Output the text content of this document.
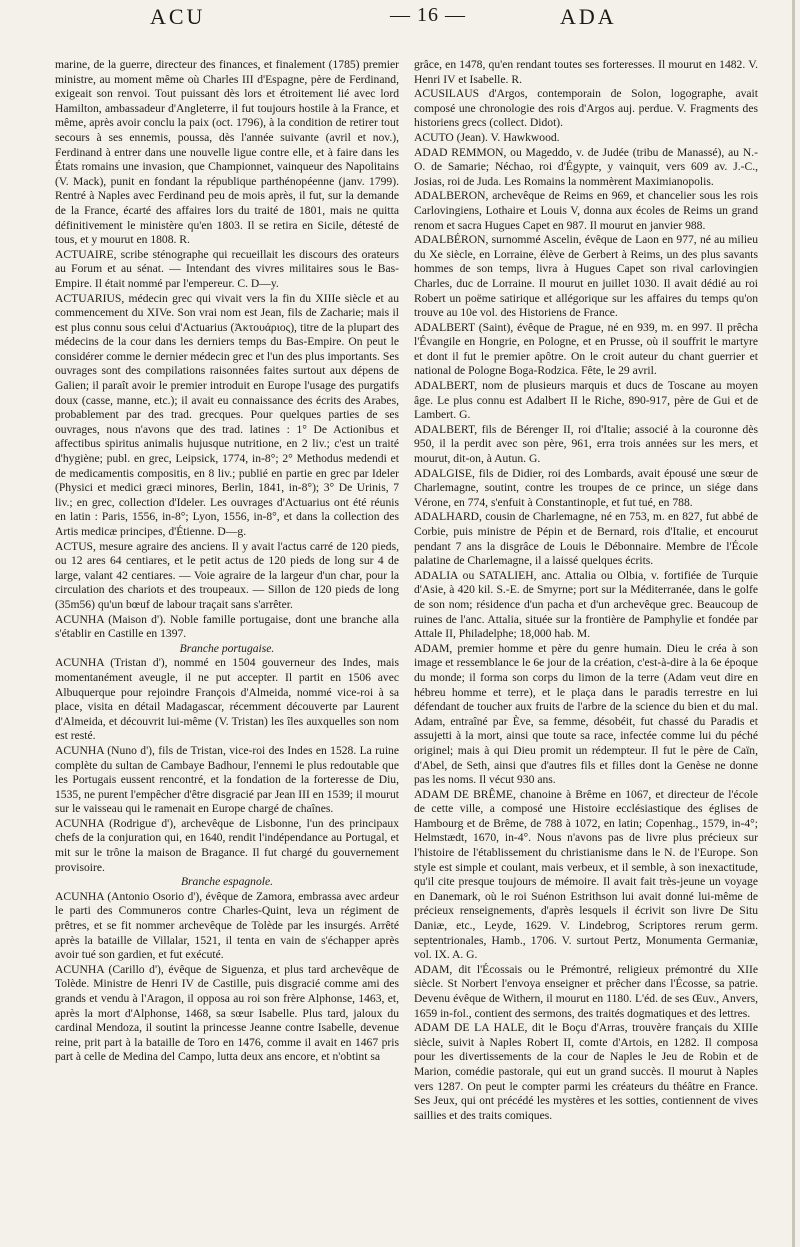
ACU	— 16 —	ADA

marine, de la guerre, directeur des finances, et finalement (1785) premier ministre, au moment même où Charles III d'Espagne, père de Ferdinand, exigeait son renvoi. Tout puissant dès lors et étroitement lié avec lord Hamilton, ambassadeur d'Angleterre, il fut toujours hostile à la France, et même, après avoir conclu la paix (oct. 1796), à la condition de retirer tout secours à ses ennemis, poussa, dès l'année suivante (avril et nov.), Ferdinand à entrer dans une nouvelle ligue contre elle, et à faire dans les États romains une invasion, que Championnet, vainqueur des Napolitains (V. Mack), punit en fondant la république parthénopéenne (janv. 1799). Rentré à Naples avec Ferdinand peu de mois après, il fut, sur la demande de la France, écarté des affaires lors du traité de 1801, mais ne quitta définitivement le ministère qu'en 1803. Il se retira en Sicile, détesté de tous, et y mourut en 1808. R.

ACTUAIRE, scribe sténographe qui recueillait les discours des orateurs au Forum et au sénat. — Intendant des vivres militaires sous le Bas-Empire. Il était nommé par l'empereur. C. D—y.

ACTUARIUS, médecin grec qui vivait vers la fin du XIIIe siècle et au commencement du XIVe. Son vrai nom est Jean, fils de Zacharie; mais il est plus connu sous celui d'Actuarius (Ἀκτουάριος), titre de la plupart des médecins de la cour dans les derniers temps du Bas-Empire. On peut le considérer comme le dernier médecin grec et l'un des plus importants. Ses ouvrages sont des compilations raisonnées faites surtout aux dépens de Galien; il paraît avoir le premier introduit en Europe l'usage des purgatifs doux (casse, manne, etc.); il avait eu connaissance des écrits des Arabes, probablement par des trad. grecques. Pour quelques parties de ses ouvrages, nous n'avons que des trad. latines : 1° De Actionibus et affectibus spiritus animalis hujusque nutritione, en 2 liv.; c'est un traité d'hygiène; publ. en grec, Leipsick, 1774, in-8°; 2° Methodus medendi et de medicamentis compositis, en 8 liv.; publié en partie en grec par Ideler (Physici et medici græci minores, Berlin, 1841, in-8°); 3° De Urinis, 7 liv.; en grec, collection d'Ideler. Les ouvrages d'Actuarius ont été réunis en latin : Paris, 1556, in-8°; Lyon, 1556, in-8°, et dans la collection des Artis medicæ principes, d'Étienne. D—g.

ACTUS, mesure agraire des anciens. Il y avait l'actus carré de 120 pieds, ou 12 ares 64 centiares, et le petit actus de 120 pieds de long sur 4 de large, valant 42 centiares. — Voie agraire de la largeur d'un char, pour la circulation des chariots et des troupeaux. — Sillon de 120 pieds de long (35m56) qu'un bœuf de labour traçait sans s'arrêter.

ACUNHA (Maison d'). Noble famille portugaise, dont une branche alla s'établir en Castille en 1397.

Branche portugaise.

ACUNHA (Tristan d'), nommé en 1504 gouverneur des Indes, mais momentanément aveugle, il ne put accepter. Il partit en 1506 avec Albuquerque pour rejoindre François d'Almeida, nommé vice-roi à sa place, visita en détail Madagascar, récemment découverte par Laurent d'Almeida, et découvrit lui-même (V. Tristan) les îles auxquelles son nom est resté.

ACUNHA (Nuno d'), fils de Tristan, vice-roi des Indes en 1528. La ruine complète du sultan de Cambaye Badhour, l'ennemi le plus redoutable que les Portugais eussent rencontré, et la fondation de la forteresse de Diu, 1535, ne purent l'empêcher d'être disgracié par Jean III en 1539; il mourut sur le vaisseau qui le ramenait en Europe chargé de chaînes.

ACUNHA (Rodrigue d'), archevêque de Lisbonne, l'un des principaux chefs de la conjuration qui, en 1640, rendit l'indépendance au Portugal, et mit sur le trône la maison de Bragance. Il fut chargé du gouvernement provisoire.

Branche espagnole.

ACUNHA (Antonio Osorio d'), évêque de Zamora, embrassa avec ardeur le parti des Communeros contre Charles-Quint, leva un régiment de prêtres, et se fit nommer archevêque de Tolède par les insurgés. Arrêté après la bataille de Villalar, 1521, il tenta en vain de s'échapper après avoir tué son gardien, et fut exécuté.

ACUNHA (Carillo d'), évêque de Siguenza, et plus tard archevêque de Tolède. Ministre de Henri IV de Castille, puis disgracié comme ami des grands et vendu à l'Aragon, il opposa au roi son frère Alphonse, 1463, et, après la mort d'Alphonse, 1468, sa sœur Isabelle. Plus tard, jaloux du cardinal Mendoza, il soutint la princesse Jeanne contre Isabelle, devenue reine, prit part à la bataille de Toro en 1476, comme il avait en 1467 pris part à celle de Medina del Campo, lutta deux ans encore, et n'obtint sa

grâce, en 1478, qu'en rendant toutes ses forteresses. Il mourut en 1482. V. Henri IV et Isabelle. R.

ACUSILAUS d'Argos, contemporain de Solon, logographe, avait composé une chronologie des rois d'Argos auj. perdue. V. Fragments des historiens grecs (collect. Didot).

ACUTO (Jean). V. Hawkwood.

ADAD REMMON, ou Mageddo, v. de Judée (tribu de Manassé), au N.-O. de Samarie; Néchao, roi d'Égypte, y vainquit, vers 609 av. J.-C., Josias, roi de Juda. Les Romains la nommèrent Maximianopolis.

ADALBERON, archevêque de Reims en 969, et chancelier sous les rois Carlovingiens, Lothaire et Louis V, donna aux écoles de Reims un grand renom et sacra Hugues Capet en 987. Il mourut en janvier 988.

ADALBÉRON, surnommé Ascelin, évêque de Laon en 977, né au milieu du Xe siècle, en Lorraine, élève de Gerbert à Reims, un des plus savants hommes de son temps, livra à Hugues Capet son rival carlovingien Charles, duc de Lorraine. Il mourut en juillet 1030. Il avait dédié au roi Robert un poëme satirique et allégorique sur les affaires du temps qu'on trouve au 10e vol. des Historiens de France.

ADALBERT (Saint), évêque de Prague, né en 939, m. en 997. Il prêcha l'Évangile en Hongrie, en Pologne, et en Prusse, où il souffrit le martyre et dont il fut le premier apôtre. On le croit auteur du chant guerrier et national de Pologne Boga-Rodzica. Fête, le 29 avril.

ADALBERT, nom de plusieurs marquis et ducs de Toscane au moyen âge. Le plus connu est Adalbert II le Riche, 890-917, père de Gui et de Lambert. G.

ADALBERT, fils de Bérenger II, roi d'Italie; associé à la couronne dès 950, il la perdit avec son père, 961, erra trois années sur les mers, et mourut, dit-on, à Autun. G.

ADALGISE, fils de Didier, roi des Lombards, avait épousé une sœur de Charlemagne, soutint, contre les troupes de ce prince, un siége dans Vérone, en 774, s'enfuit à Constantinople, et fut tué, en 788.

ADALHARD, cousin de Charlemagne, né en 753, m. en 827, fut abbé de Corbie, puis ministre de Pépin et de Bernard, rois d'Italie, et encourut pendant 7 ans la disgrâce de Louis le Débonnaire. Membre de l'École palatine de Charlemagne, il a laissé quelques écrits.

ADALIA ou SATALIEH, anc. Attalia ou Olbia, v. fortifiée de Turquie d'Asie, à 420 kil. S.-E. de Smyrne; port sur la Méditerranée, dans le golfe de son nom; résidence d'un pacha et d'un archevêque grec. Beaucoup de ruines de l'anc. Attalia, située sur la frontière de Pamphylie et fondée par Attale II, Philadelphe; 18,000 hab. M.

ADAM, premier homme et père du genre humain. Dieu le créa à son image et ressemblance le 6e jour de la création, c'est-à-dire à la 6e époque du monde; il forma son corps du limon de la terre (Adam veut dire en hébreu homme et terre), et le plaça dans le paradis terrestre en lui défendant de toucher aux fruits de l'arbre de la science du bien et du mal. Adam, entraîné par Ève, sa femme, désobéit, fut chassé du Paradis et assujetti à la mort, ainsi que toute sa race, infectée comme lui du péché originel; mais à qui Dieu promit un rédempteur. Il fut le père de Caïn, d'Abel, de Seth, ainsi que d'autres fils et filles dont la Genèse ne donne pas les noms. Il vécut 930 ans.

ADAM DE BRÊME, chanoine à Brême en 1067, et directeur de l'école de cette ville, a composé une Histoire ecclésiastique des églises de Hambourg et de Brême, de 788 à 1072, en latin; Copenhag., 1579, in-4°; Helmstædt, 1670, in-4°. Nous n'avons pas de livre plus précieux sur l'histoire de l'établissement du christianisme dans le N. de l'Europe. Son style est simple et coulant, mais verbeux, et il semble, à son inexactitude, qu'il cite presque toujours de mémoire. Il avait fait très-jeune un voyage en Danemark, où le roi Suénon Estrithson lui avait donné lui-même de précieux renseignements, d'après lesquels il écrivit son livre De Situ Daniæ, etc., Leyde, 1629. V. Lindebrog, Scriptores rerum germ. septentrionales, Hamb., 1706. V. surtout Pertz, Monumenta Germaniæ, vol. IX. A. G.

ADAM, dit l'Écossais ou le Prémontré, religieux prémontré du XIIe siècle. St Norbert l'envoya enseigner et prêcher dans l'Écosse, sa patrie. Devenu évêque de Withern, il mourut en 1180. L'éd. de ses Œuv., Anvers, 1659 in-fol., contient des sermons, des traités dogmatiques et des lettres.

ADAM DE LA HALE, dit le Boçu d'Arras, trouvère français du XIIIe siècle, suivit à Naples Robert II, comte d'Artois, en 1282. Il composa pour les divertissements de la cour de Naples le Jeu de Robin et de Marion, comédie pastorale, qui eut un grand succès. Il mourut à Naples vers 1287. On peut le compter parmi les créateurs du théâtre en France. Ses Jeux, qui ont précédé les mystères et les sotties, contiennent de vives saillies et des traits comiques.
